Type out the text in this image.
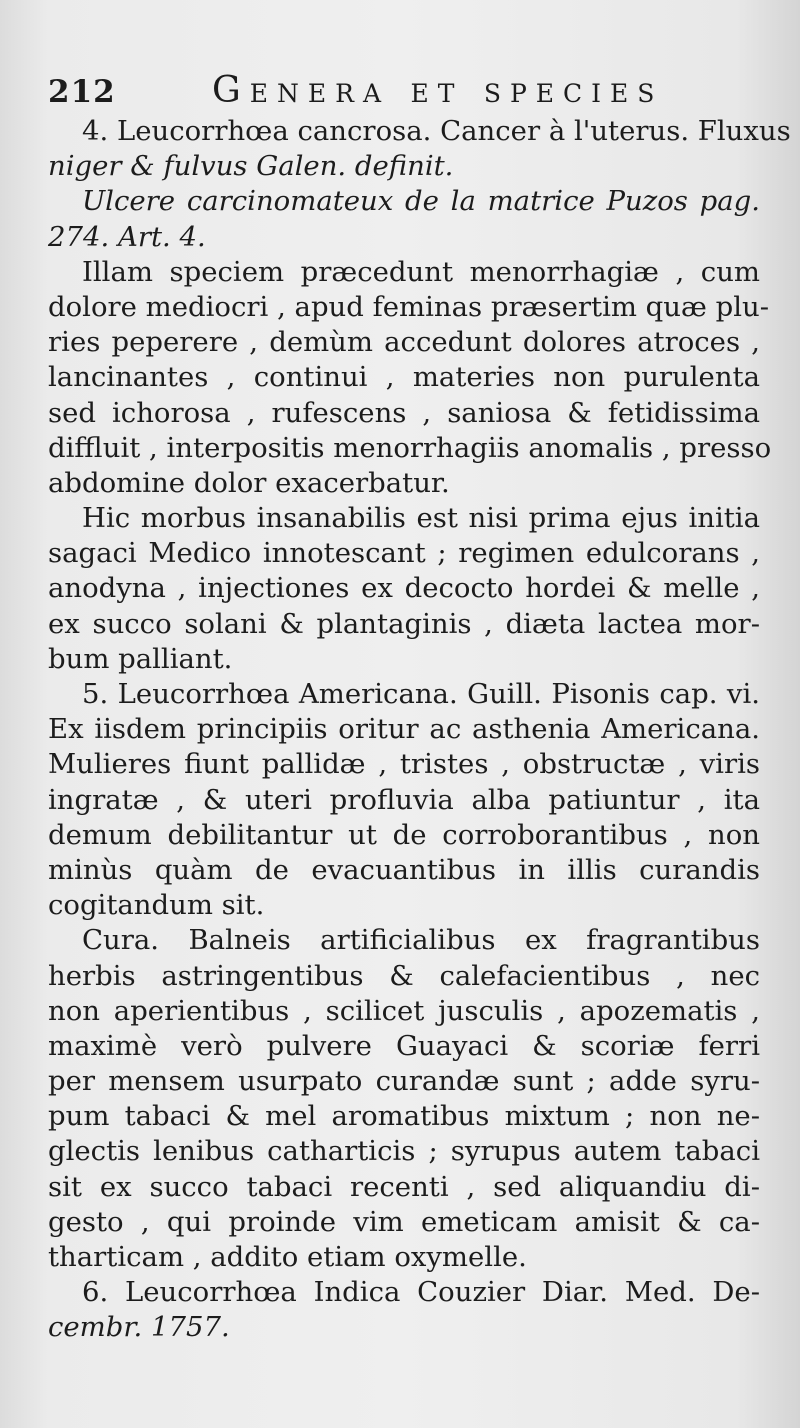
212	Genera et species
4. Leucorrhœa cancrosa. Cancer à l'uterus. Fluxus
niger & fulvus Galen. definit.
Ulcere carcinomateux de la matrice Puzos pag.
274. Art. 4.
Illam speciem præcedunt menorrhagiæ , cum
dolore mediocri , apud feminas præsertim quæ plu-
ries peperere , demùm accedunt dolores atroces ,
lancinantes , continui , materies non purulenta
sed ichorosa , rufescens , saniosa & fetidissima
diffluit , interpositis menorrhagiis anomalis , presso
abdomine dolor exacerbatur.
Hic morbus insanabilis est nisi prima ejus initia
sagaci Medico innotescant ; regimen edulcorans ,
anodyna , injectiones ex decocto hordei & melle ,
ex succo solani & plantaginis , diæta lactea mor-
bum palliant.
5. Leucorrhœa Americana. Guill. Pisonis cap. vi.
Ex iisdem principiis oritur ac asthenia Americana.
Mulieres fiunt pallidæ , tristes , obstructæ , viris
ingratæ , & uteri profluvia alba patiuntur , ita
demum debilitantur ut de corroborantibus , non
minùs quàm de evacuantibus in illis curandis
cogitandum sit.
Cura. Balneis artificialibus ex fragrantibus
herbis astringentibus & calefacientibus , nec
non aperientibus , scilicet jusculis , apozematis ,
maximè verò pulvere Guayaci & scoriæ ferri
per mensem usurpato curandæ sunt ; adde syru-
pum tabaci & mel aromatibus mixtum ; non ne-
glectis lenibus catharticis ; syrupus autem tabaci
sit ex succo tabaci recenti , sed aliquandiu di-
gesto , qui proinde vim emeticam amisit & ca-
tharticam , addito etiam oxymelle.
6. Leucorrhœa Indica Couzier Diar. Med. De-
cembr. 1757.
